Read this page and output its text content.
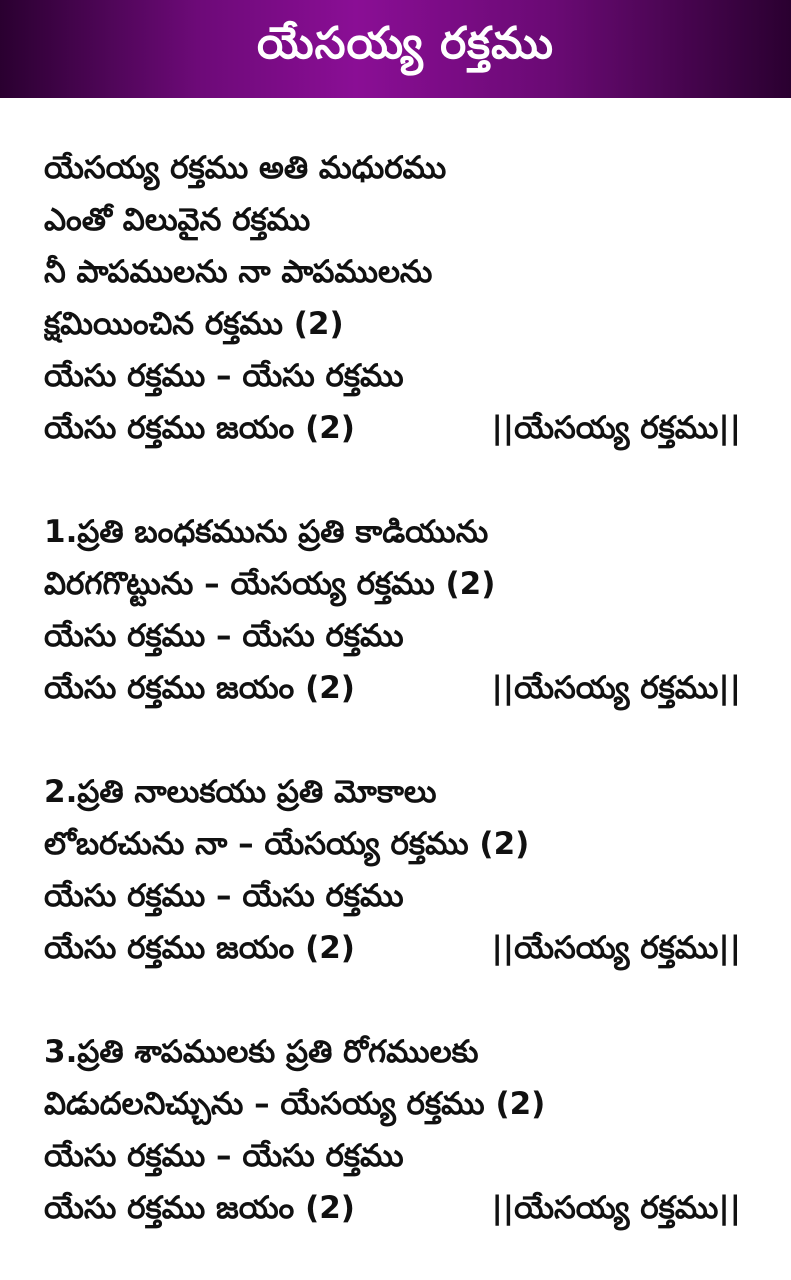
యేసయ్య రక్తము
యేసయ్య రక్తము అతి మధురము
ఎంతో విలువైన రక్తము
నీ పాపములను నా పాపములను
క్షమియించిన రక్తము (2)
యేసు రక్తము – యేసు రక్తము
యేసు రక్తము జయం (2)	||యేసయ్య రక్తము||
1.ప్రతి బంధకమును ప్రతి కాడియును
విరగగొట్టును – యేసయ్య రక్తము (2)
యేసు రక్తము – యేసు రక్తము
యేసు రక్తము జయం (2)	||యేసయ్య రక్తము||
2.ప్రతి నాలుకయు ప్రతి మోకాలు
లోబరచును నా – యేసయ్య రక్తము (2)
యేసు రక్తము – యేసు రక్తము
యేసు రక్తము జయం (2)	||యేసయ్య రక్తము||
3.ప్రతి శాపములకు ప్రతి రోగములకు
విడుదలనిచ్చును – యేసయ్య రక్తము (2)
యేసు రక్తము – యేసు రక్తము
యేసు రక్తము జయం (2)	||యేసయ్య రక్తము||
